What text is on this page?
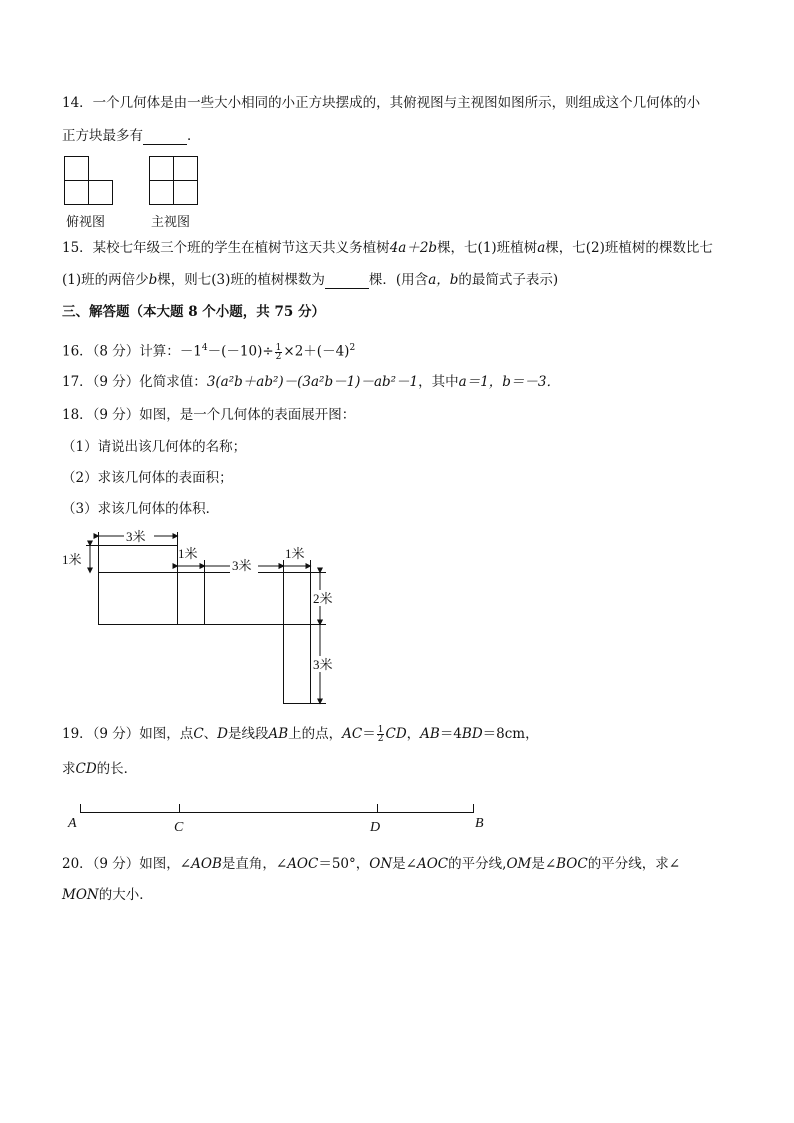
14．一个几何体是由一些大小相同的小正方块摆成的，其俯视图与主视图如图所示，则组成这个几何体的小
正方块最多有	．
俯视图	主视图
15．某校七年级三个班的学生在植树节这天共义务植树4a＋2b棵，七(1)班植树a棵，七(2)班植树的棵数比七
(1)班的两倍少b棵，则七(3)班的植树棵数为	棵．(用含a，b的最简式子表示)
三、解答题（本大题 8 个小题，共 75 分）
16．（8 分）计算：$-1^4-(-10)\div \frac{1}{2} \times 2+(-4)^2$
17．（9 分）化简求值：3(a²b＋ab²)－(3a²b－1)－ab²－1，其中a＝1，b＝－3．
18．（9 分）如图，是一个几何体的表面展开图：
（1）请说出该几何体的名称；
（2）求该几何体的表面积；
（3）求该几何体的体积．
3米
1米	1米
3米
1米
2米
3米
19．（9 分）如图，点C、D是线段AB上的点，$AC= \frac{1}{2}$ CD，AB＝4BD＝8cm，
求CD的长．
A	C	D	B
20．（9 分）如图，∠AOB是直角，∠AOC＝50°，ON是∠AOC的平分线,OM是∠BOC的平分线，求∠
MON的大小．
